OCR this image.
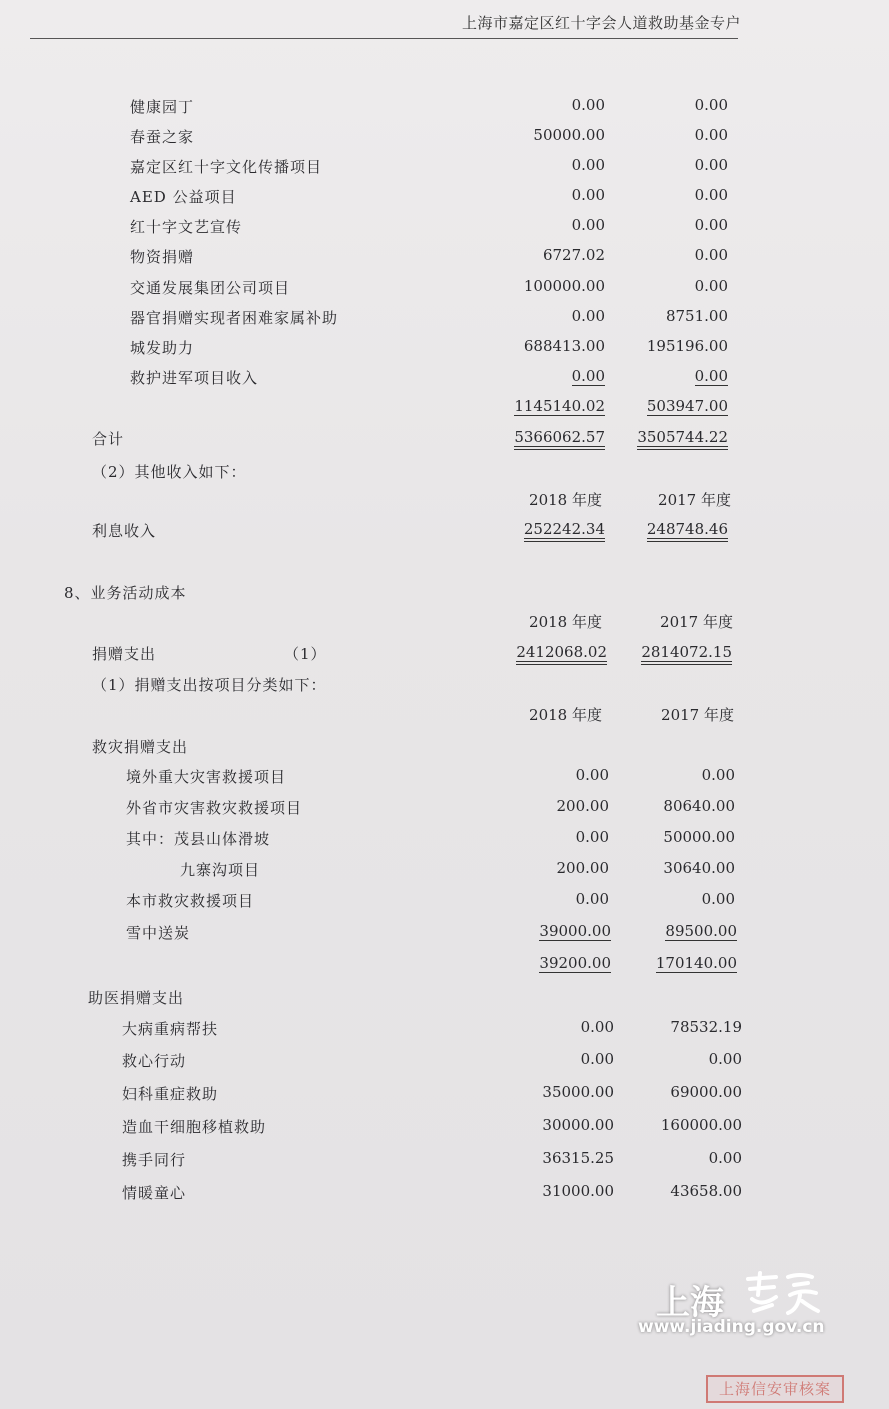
上海市嘉定区红十字会人道救助基金专户
健康园丁	0.00	0.00
春蚕之家	50000.00	0.00
嘉定区红十字文化传播项目	0.00	0.00
AED 公益项目	0.00	0.00
红十字文艺宣传	0.00	0.00
物资捐赠	6727.02	0.00
交通发展集团公司项目	100000.00	0.00
器官捐赠实现者困难家属补助	0.00	8751.00
城发助力	688413.00	195196.00
救护进军项目收入	0.00	0.00
1145140.02	503947.00
合计	5366062.57 3505744.22
（2）其他收入如下：
2018 年度	2017 年度
利息收入	252242.34	248748.46
8、业务活动成本
2018 年度	2017 年度
捐赠支出	（1）	2412068.02 2814072.15
（1）捐赠支出按项目分类如下：
2018 年度	2017 年度
救灾捐赠支出
境外重大灾害救援项目	0.00	0.00
外省市灾害救灾救援项目	200.00	80640.00
其中：茂县山体滑坡	0.00	50000.00
九寨沟项目	200.00	30640.00
本市救灾救援项目	0.00	0.00
雪中送炭	39000.00	89500.00
39200.00	170140.00
助医捐赠支出
大病重病帮扶	0.00	78532.19
救心行动	0.00	0.00
妇科重症救助	35000.00	69000.00
造血干细胞移植救助	30000.00	160000.00
携手同行	36315.25	0.00
情暖童心	31000.00	43658.00
上海
www.jiading.gov.cn
上海信安审核案
